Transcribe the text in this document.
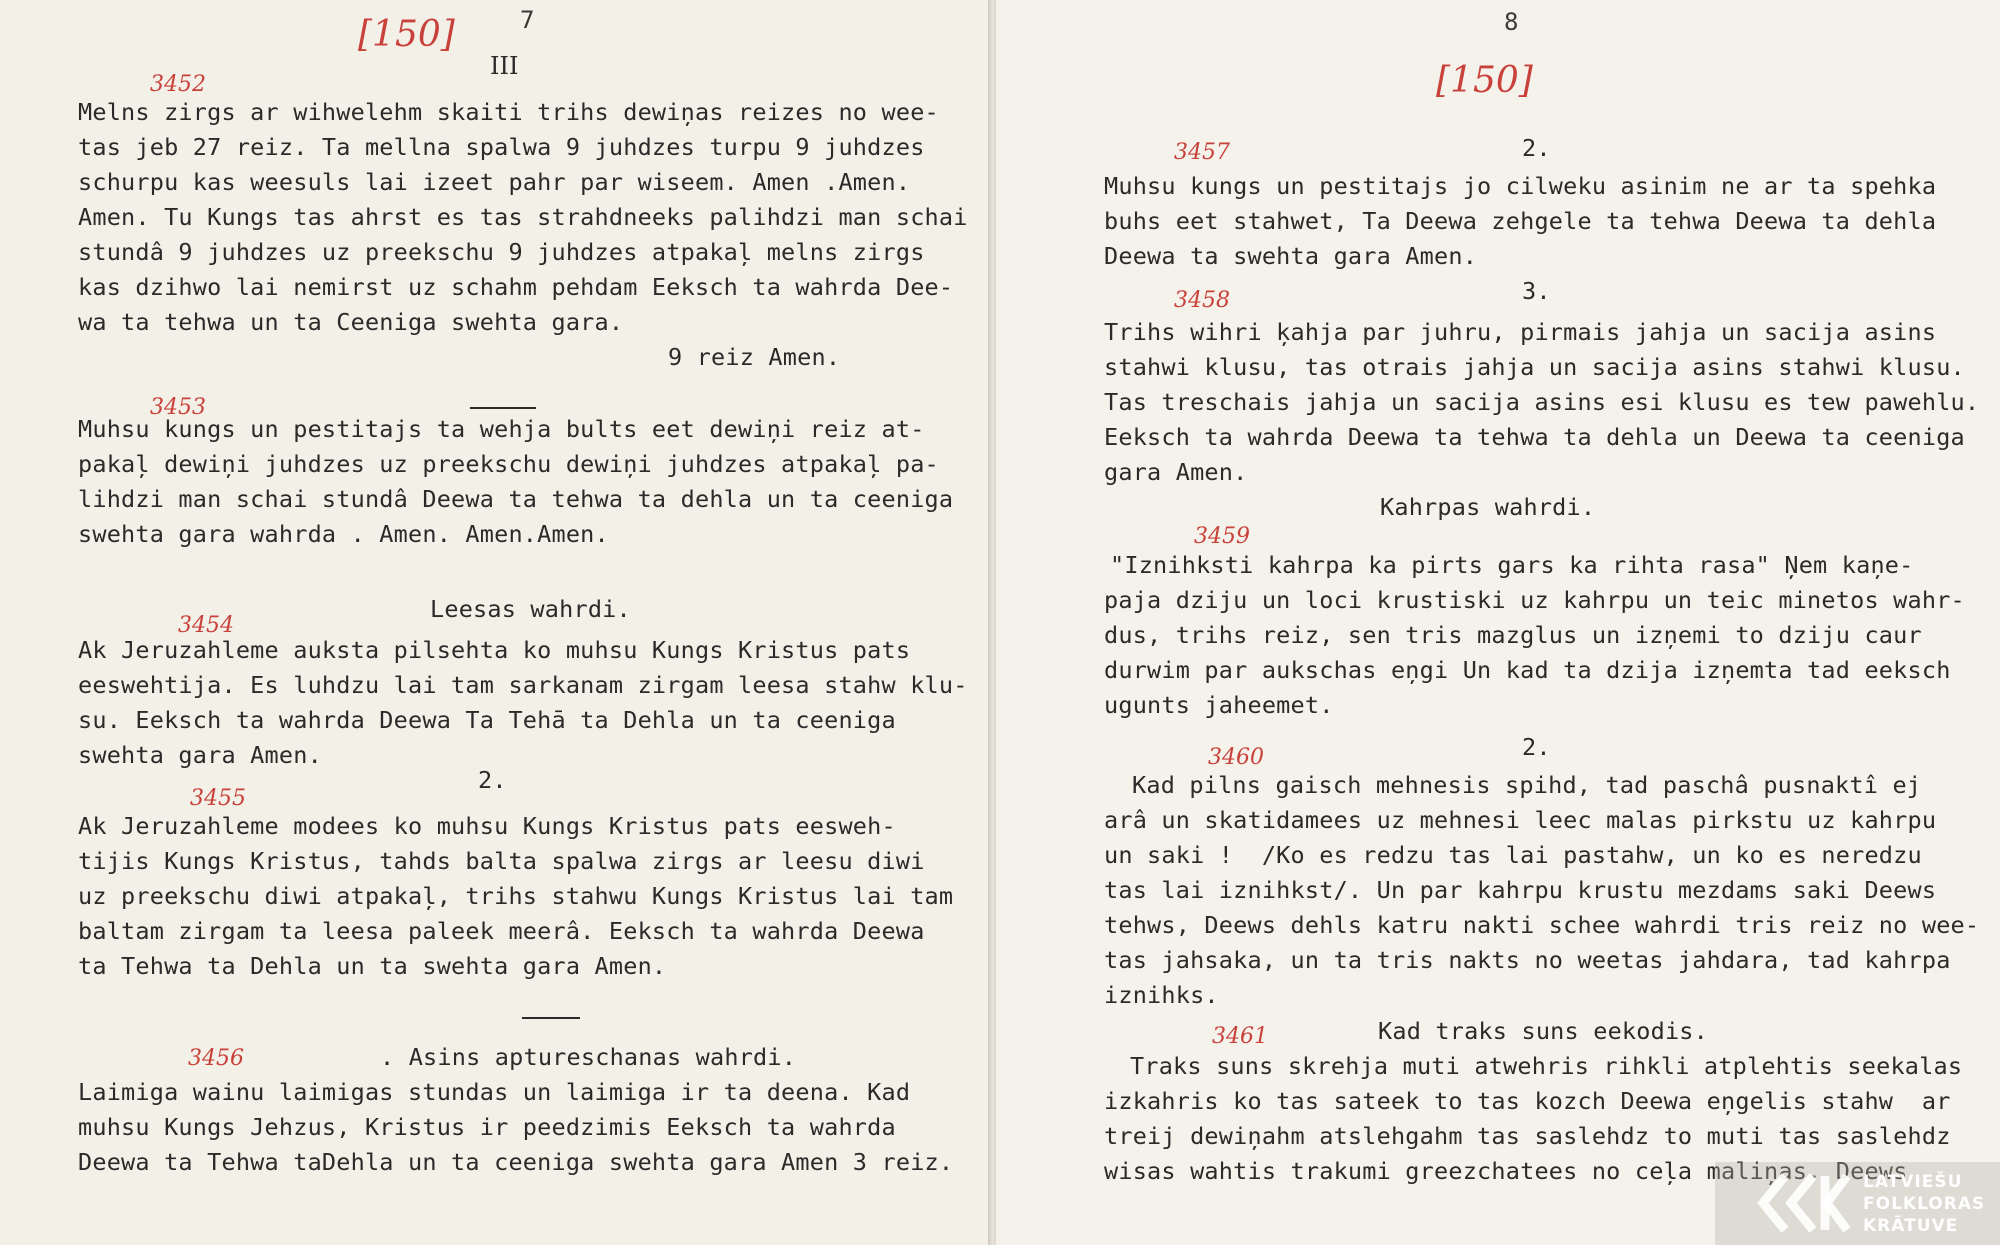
7
[150]
III
3452
Melns zirgs ar wihwelehm skaiti trihs dewiņas reizes no wee-
tas jeb 27 reiz. Ta mellna spalwa 9 juhdzes turpu 9 juhdzes
schurpu kas weesuls lai izeet pahr par wiseem. Amen .Amen.
Amen. Tu Kungs tas ahrst es tas strahdneeks palihdzi man schai
stundâ 9 juhdzes uz preekschu 9 juhdzes atpakaļ melns zirgs
kas dzihwo lai nemirst uz schahm pehdam Eeksch ta wahrda Dee-
wa ta tehwa un ta Ceeniga swehta gara.
9 reiz Amen.
3453
Muhsu kungs un pestitajs ta wehja bults eet dewiņi reiz at-
pakaļ dewiņi juhdzes uz preekschu dewiņi juhdzes atpakaļ pa-
lihdzi man schai stundâ Deewa ta tehwa ta dehla un ta ceeniga
swehta gara wahrda . Amen. Amen.Amen.
Leesas wahrdi.
3454
Ak Jeruzahleme auksta pilsehta ko muhsu Kungs Kristus pats
eeswehtija. Es luhdzu lai tam sarkanam zirgam leesa stahw klu-
su. Eeksch ta wahrda Deewa Ta Tehā ta Dehla un ta ceeniga
swehta gara Amen.
2.
3455
Ak Jeruzahleme modees ko muhsu Kungs Kristus pats eesweh-
tijis Kungs Kristus, tahds balta spalwa zirgs ar leesu diwi
uz preekschu diwi atpakaļ, trihs stahwu Kungs Kristus lai tam
baltam zirgam ta leesa paleek meerâ. Eeksch ta wahrda Deewa
ta Tehwa ta Dehla un ta swehta gara Amen.
3456	. Asins aptureschanas wahrdi.
Laimiga wainu laimigas stundas un laimiga ir ta deena. Kad
muhsu Kungs Jehzus, Kristus ir peedzimis Eeksch ta wahrda
Deewa ta Tehwa taDehla un ta ceeniga swehta gara Amen 3 reiz.
8
[150]
2.
3457
Muhsu kungs un pestitajs jo cilweku asinim ne ar ta spehka
buhs eet stahwet, Ta Deewa zehgele ta tehwa Deewa ta dehla
Deewa ta swehta gara Amen.
3.
3458
Trihs wihri ķahja par juhru, pirmais jahja un sacija asins
stahwi klusu, tas otrais jahja un sacija asins stahwi klusu.
Tas treschais jahja un sacija asins esi klusu es tew pawehlu.
Eeksch ta wahrda Deewa ta tehwa ta dehla un Deewa ta ceeniga
gara Amen.
Kahrpas wahrdi.
3459
"Iznihksti kahrpa ka pirts gars ka rihta rasa" Ņem kaņe-
paja dziju un loci krustiski uz kahrpu un teic minetos wahr-
dus, trihs reiz, sen tris mazglus un izņemi to dziju caur
durwim par aukschas eņgi Un kad ta dzija izņemta tad eeksch
ugunts jaheemet.
2.
3460
Kad pilns gaisch mehnesis spihd, tad paschâ pusnaktî ej
arâ un skatidamees uz mehnesi leec malas pirkstu uz kahrpu
un saki !  /Ko es redzu tas lai pastahw, un ko es neredzu
tas lai iznihkst/. Un par kahrpu krustu mezdams saki Deews
tehws, Deews dehls katru nakti schee wahrdi tris reiz no wee-
tas jahsaka, un ta tris nakts no weetas jahdara, tad kahrpa
iznihks.
Kad traks suns eekodis.
3461
Traks suns skrehja muti atwehris rihkli atplehtis seekalas
izkahris ko tas sateek to tas kozch Deewa eņgelis stahw  ar
treij dewiņahm atslehgahm tas saslehdz to muti tas saslehdz
wisas wahtis trakumi greezchatees no ceļa maliņas. Deews
LATVIEŠU
FOLKLORAS
KRĀTUVE
